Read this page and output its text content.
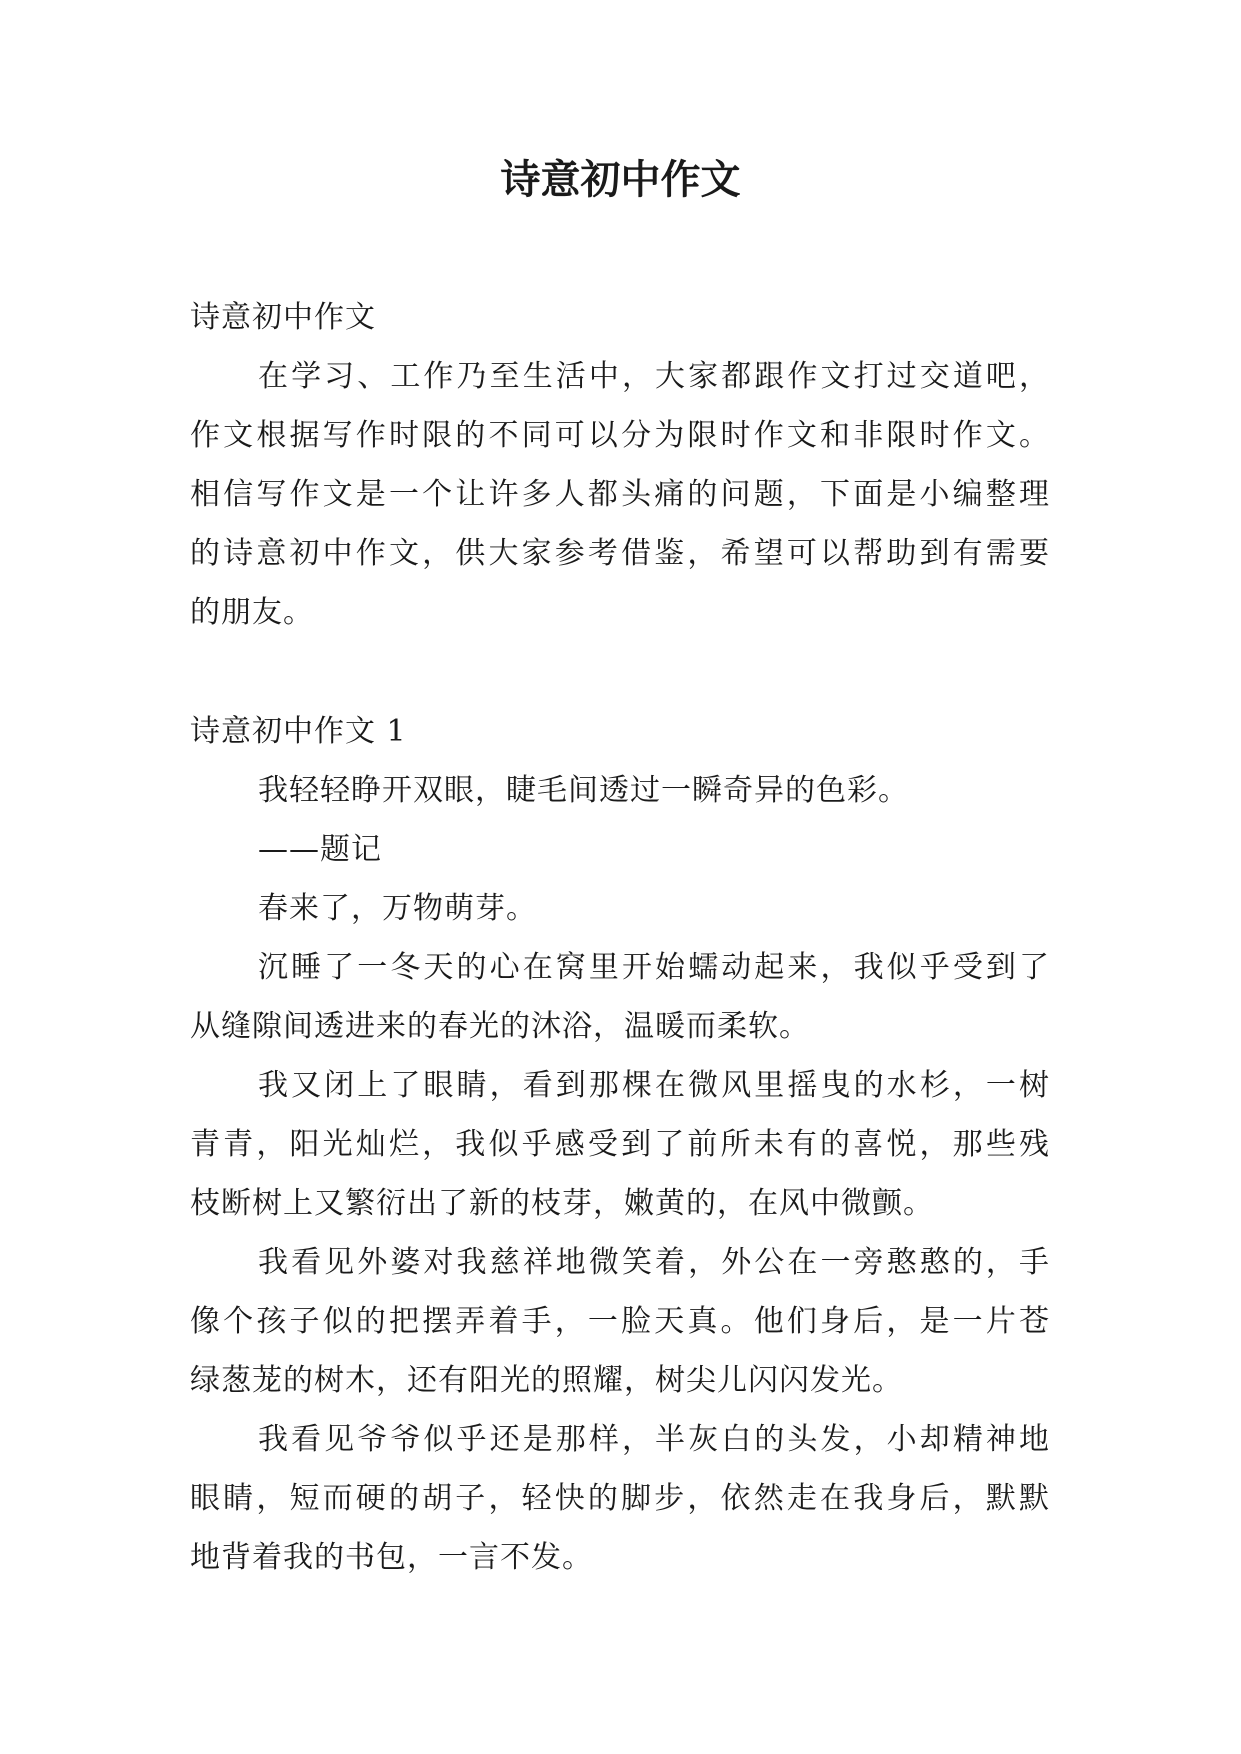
诗意初中作文

诗意初中作文

在学习、工作乃至生活中，大家都跟作文打过交道吧，

作文根据写作时限的不同可以分为限时作文和非限时作文。

相信写作文是一个让许多人都头痛的问题，下面是小编整理

的诗意初中作文，供大家参考借鉴，希望可以帮助到有需要

的朋友。

诗意初中作文 1

我轻轻睁开双眼，睫毛间透过一瞬奇异的色彩。

——题记

春来了，万物萌芽。

沉睡了一冬天的心在窝里开始蠕动起来，我似乎受到了

从缝隙间透进来的春光的沐浴，温暖而柔软。

我又闭上了眼睛，看到那棵在微风里摇曳的水杉，一树

青青，阳光灿烂，我似乎感受到了前所未有的喜悦，那些残

枝断树上又繁衍出了新的枝芽，嫩黄的，在风中微颤。

我看见外婆对我慈祥地微笑着，外公在一旁憨憨的，手

像个孩子似的把摆弄着手，一脸天真。他们身后，是一片苍

绿葱茏的树木，还有阳光的照耀，树尖儿闪闪发光。

我看见爷爷似乎还是那样，半灰白的头发，小却精神地

眼睛，短而硬的胡子，轻快的脚步，依然走在我身后，默默

地背着我的书包，一言不发。
